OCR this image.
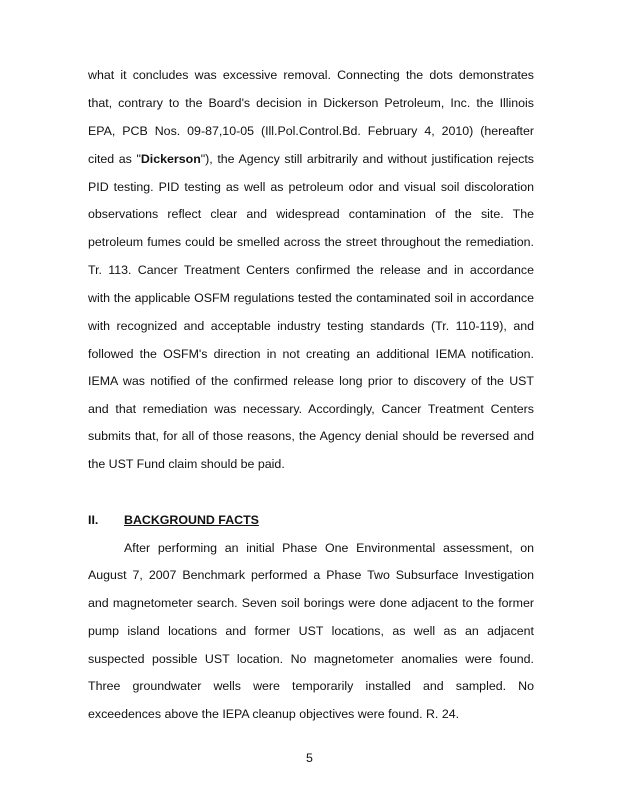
what it concludes was excessive removal. Connecting the dots demonstrates
that, contrary to the Board's decision in Dickerson Petroleum, Inc. the Illinois
EPA, PCB Nos. 09-87,10-05 (Ill.Pol.Control.Bd. February 4, 2010) (hereafter
cited as "Dickerson"), the Agency still arbitrarily and without justification rejects
PID testing. PID testing as well as petroleum odor and visual soil discoloration
observations reflect clear and widespread contamination of the site. The
petroleum fumes could be smelled across the street throughout the remediation.
Tr. 113. Cancer Treatment Centers confirmed the release and in accordance
with the applicable OSFM regulations tested the contaminated soil in accordance
with recognized and acceptable industry testing standards (Tr. 110-119), and
followed the OSFM's direction in not creating an additional IEMA notification.
IEMA was notified of the confirmed release long prior to discovery of the UST
and that remediation was necessary. Accordingly, Cancer Treatment Centers
submits that, for all of those reasons, the Agency denial should be reversed and
the UST Fund claim should be paid.
II. BACKGROUND FACTS
After performing an initial Phase One Environmental assessment, on
August 7, 2007 Benchmark performed a Phase Two Subsurface Investigation
and magnetometer search. Seven soil borings were done adjacent to the former
pump island locations and former UST locations, as well as an adjacent
suspected possible UST location. No magnetometer anomalies were found.
Three groundwater wells were temporarily installed and sampled. No
exceedences above the IEPA cleanup objectives were found. R. 24.
5
